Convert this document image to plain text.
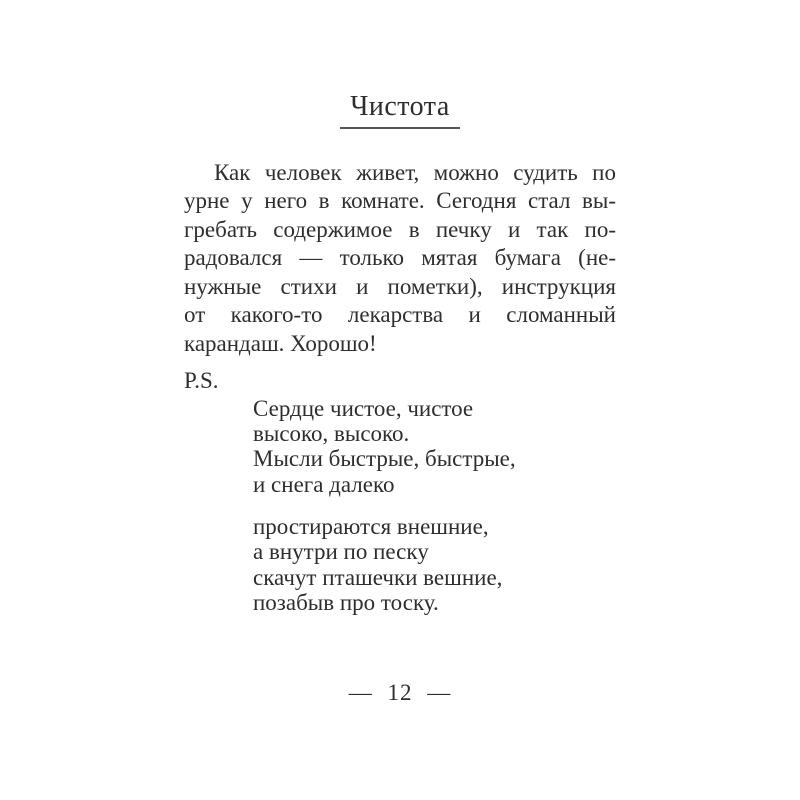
Чистота
Как человек живет, можно судить по
урне у него в комнате. Сегодня стал вы-
гребать содержимое в печку и так по-
радовался — только мятая бумага (не-
нужные стихи и пометки), инструкция
от какого-то лекарства и сломанный
карандаш. Хорошо!
P.S.
Сердце чистое, чистое
высоко, высоко.
Мысли быстрые, быстрые,
и снега далеко
простираются внешние,
а внутри по песку
скачут пташечки вешние,
позабыв про тоску.
— 12 —
